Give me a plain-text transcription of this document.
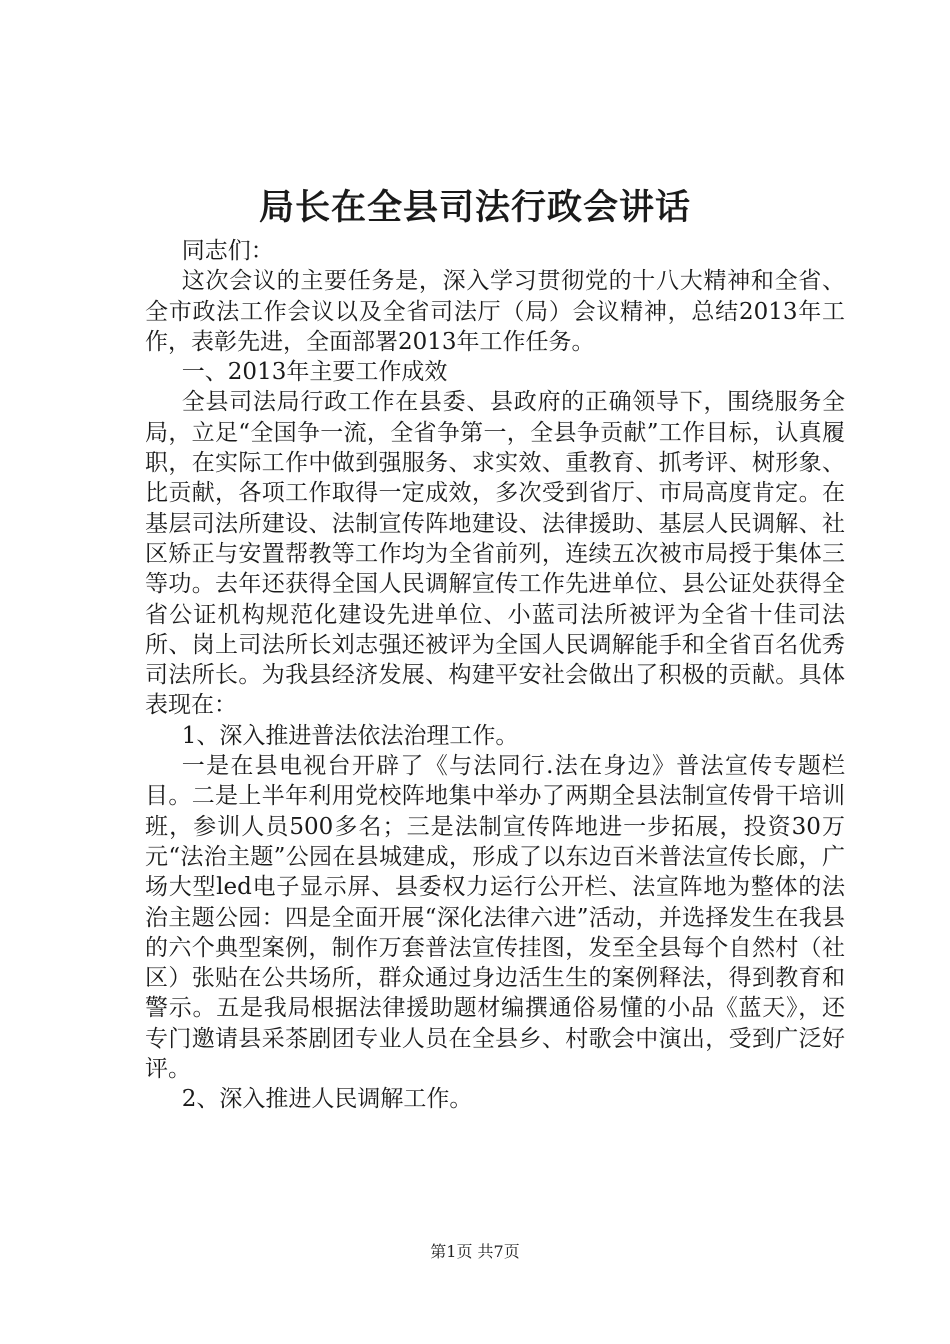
局长在全县司法行政会讲话

同志们：

这次会议的主要任务是，深入学习贯彻党的十八大精神和全省、全市政法工作会议以及全省司法厅（局）会议精神，总结2013年工作，表彰先进，全面部署2013年工作任务。

一、2013年主要工作成效

全县司法局行政工作在县委、县政府的正确领导下，围绕服务全局，立足“全国争一流，全省争第一，全县争贡献”工作目标，认真履职，在实际工作中做到强服务、求实效、重教育、抓考评、树形象、比贡献，各项工作取得一定成效，多次受到省厅、市局高度肯定。在基层司法所建设、法制宣传阵地建设、法律援助、基层人民调解、社区矫正与安置帮教等工作均为全省前列，连续五次被市局授于集体三等功。去年还获得全国人民调解宣传工作先进单位、县公证处获得全省公证机构规范化建设先进单位、小蓝司法所被评为全省十佳司法所、岗上司法所长刘志强还被评为全国人民调解能手和全省百名优秀司法所长。为我县经济发展、构建平安社会做出了积极的贡献。具体表现在：

1、深入推进普法依法治理工作。

一是在县电视台开辟了《与法同行.法在身边》普法宣传专题栏目。二是上半年利用党校阵地集中举办了两期全县法制宣传骨干培训班，参训人员500多名；三是法制宣传阵地进一步拓展，投资30万元“法治主题”公园在县城建成，形成了以东边百米普法宣传长廊，广场大型led电子显示屏、县委权力运行公开栏、法宣阵地为整体的法治主题公园：四是全面开展“深化法律六进”活动，并选择发生在我县的六个典型案例，制作万套普法宣传挂图，发至全县每个自然村（社区）张贴在公共场所，群众通过身边活生生的案例释法，得到教育和警示。五是我局根据法律援助题材编撰通俗易懂的小品《蓝天》，还专门邀请县采茶剧团专业人员在全县乡、村歌会中演出，受到广泛好评。

2、深入推进人民调解工作。

第1页 共7页
